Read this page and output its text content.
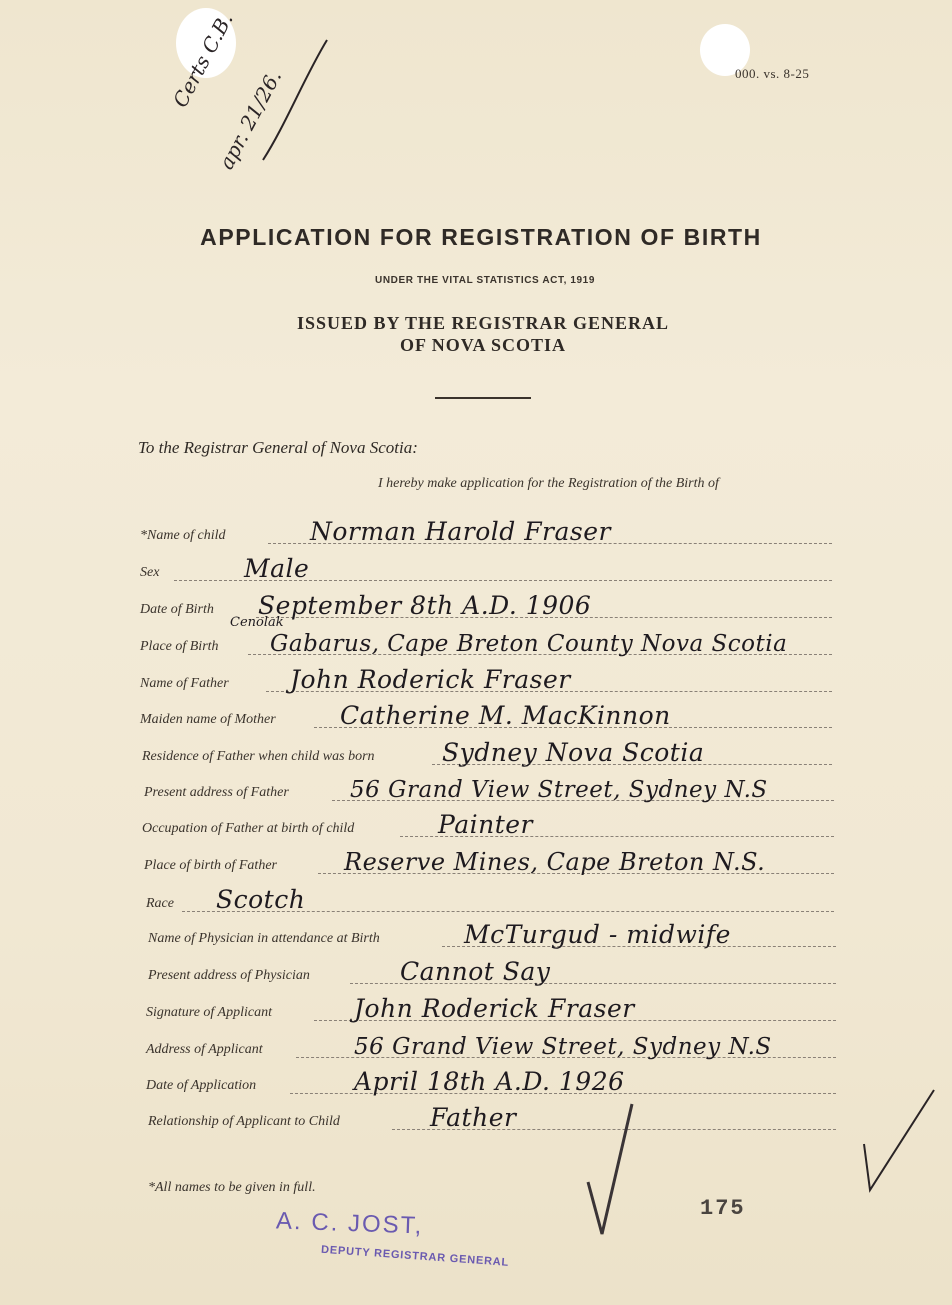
000. vs. 8-25
Certs C.B.
apr. 21/26.
APPLICATION FOR REGISTRATION OF BIRTH
UNDER THE VITAL STATISTICS ACT, 1919
ISSUED BY THE REGISTRAR GENERAL
OF NOVA SCOTIA
To the Registrar General of Nova Scotia:
I hereby make application for the Registration of the Birth of
*Name of child	Norman Harold Fraser
Sex	Male
Date of Birth September 8th A.D. 1906
Place of Birth Gabarus, Cape Breton County Nova Scotia
Cenolak
Name of Father John Roderick Fraser
Maiden name of Mother	Catherine M. MacKinnon
Residence of Father when child was born	Sydney Nova Scotia
Present address of Father	56 Grand View Street, Sydney N.S
Occupation of Father at birth of child	Painter
Place of birth of Father	Reserve Mines, Cape Breton N.S.
Race Scotch
Name of Physician in attendance at Birth	McTurgud - midwife
Present address of Physician	Cannot Say
Signature of Applicant	John Roderick Fraser
Address of Applicant	56 Grand View Street, Sydney N.S
Date of Application	April 18th A.D. 1926
Relationship of Applicant to Child	Father
*All names to be given in full.
175
A. C. JOST,
DEPUTY REGISTRAR GENERAL
